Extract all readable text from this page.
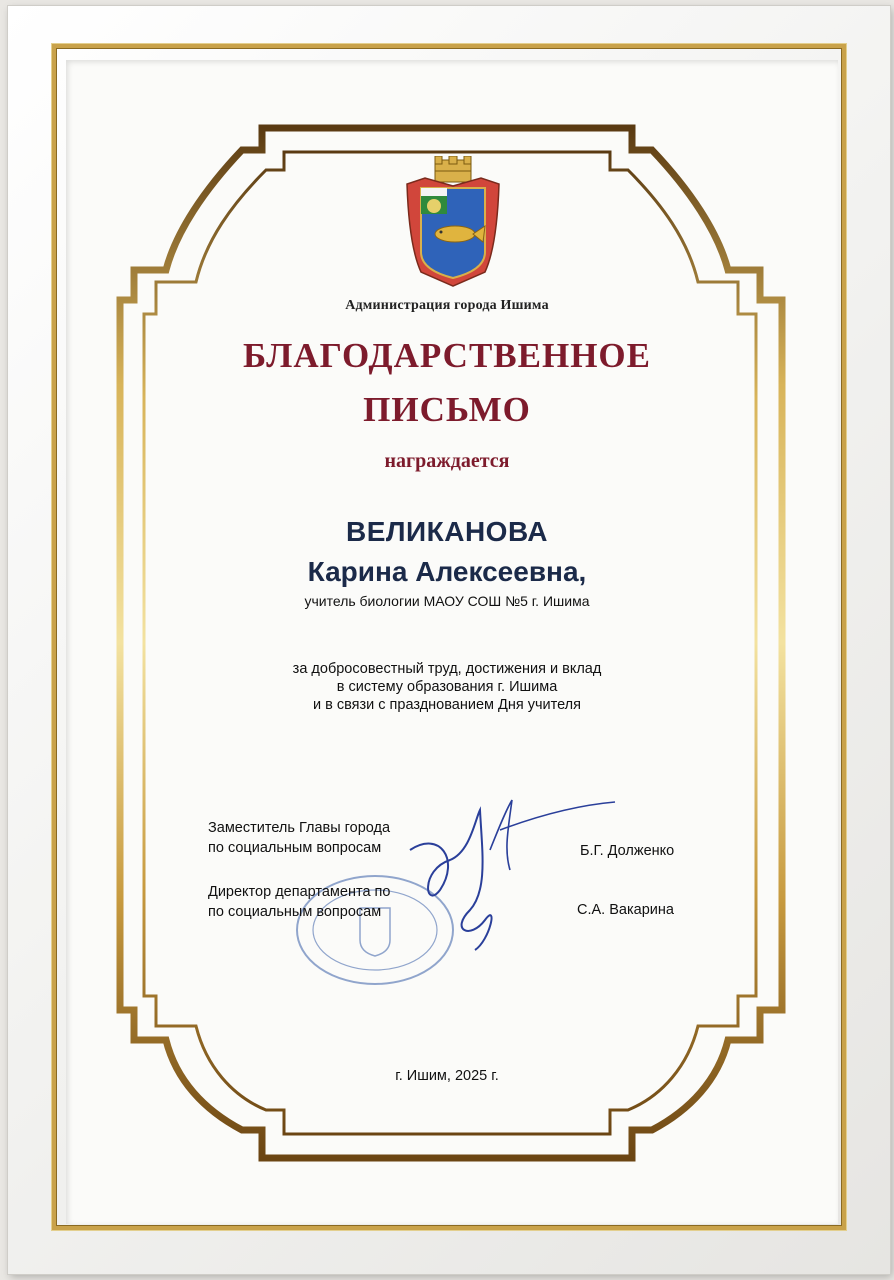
Администрация города Ишима

БЛАГОДАРСТВЕННОЕ

ПИСЬМО

награждается

ВЕЛИКАНОВА

Карина Алексеевна,

учитель биологии МАОУ СОШ №5 г. Ишима

за добросовестный труд, достижения и вклад
в систему образования г. Ишима
и в связи с празднованием Дня учителя
Заместитель Главы города
по социальным вопросам	Б.Г. Долженко

Директор департамента по
по социальным вопросам	С.А. Вакарина

г. Ишим, 2025 г.
